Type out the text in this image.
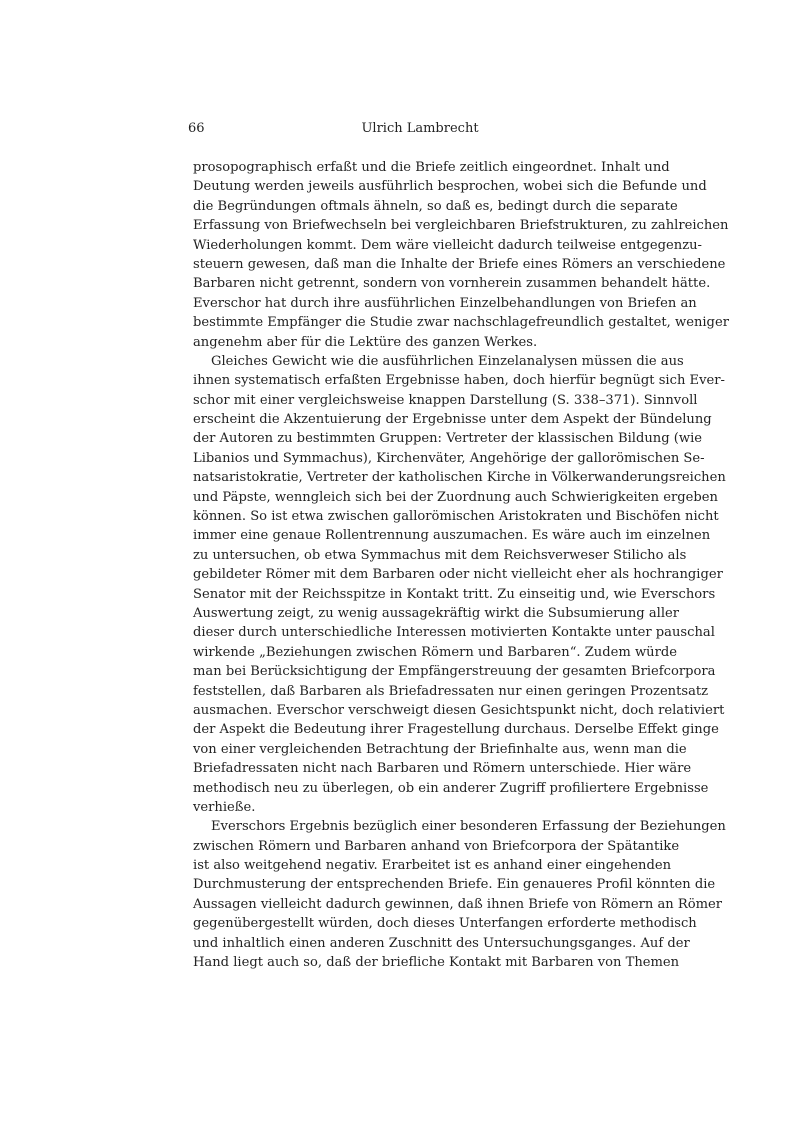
66	Ulrich Lambrecht
prosopographisch erfaßt und die Briefe zeitlich eingeordnet. Inhalt und
Deutung werden jeweils ausführlich besprochen, wobei sich die Befunde und
die Begründungen oftmals ähneln, so daß es, bedingt durch die separate
Erfassung von Briefwechseln bei vergleichbaren Briefstrukturen, zu zahlreichen
Wiederholungen kommt. Dem wäre vielleicht dadurch teilweise entgegenzu-
steuern gewesen, daß man die Inhalte der Briefe eines Römers an verschiedene
Barbaren nicht getrennt, sondern von vornherein zusammen behandelt hätte.
Everschor hat durch ihre ausführlichen Einzelbehandlungen von Briefen an
bestimmte Empfänger die Studie zwar nachschlagefreundlich gestaltet, weniger
angenehm aber für die Lektüre des ganzen Werkes.
Gleiches Gewicht wie die ausführlichen Einzelanalysen müssen die aus
ihnen systematisch erfaßten Ergebnisse haben, doch hierfür begnügt sich Ever-
schor mit einer vergleichsweise knappen Darstellung (S. 338–371). Sinnvoll
erscheint die Akzentuierung der Ergebnisse unter dem Aspekt der Bündelung
der Autoren zu bestimmten Gruppen: Vertreter der klassischen Bildung (wie
Libanios und Symmachus), Kirchenväter, Angehörige der gallorömischen Se-
natsaristokratie, Vertreter der katholischen Kirche in Völkerwanderungsreichen
und Päpste, wenngleich sich bei der Zuordnung auch Schwierigkeiten ergeben
können. So ist etwa zwischen gallorömischen Aristokraten und Bischöfen nicht
immer eine genaue Rollentrennung auszumachen. Es wäre auch im einzelnen
zu untersuchen, ob etwa Symmachus mit dem Reichsverweser Stilicho als
gebildeter Römer mit dem Barbaren oder nicht vielleicht eher als hochrangiger
Senator mit der Reichsspitze in Kontakt tritt. Zu einseitig und, wie Everschors
Auswertung zeigt, zu wenig aussagekräftig wirkt die Subsumierung aller
dieser durch unterschiedliche Interessen motivierten Kontakte unter pauschal
wirkende „Beziehungen zwischen Römern und Barbaren“. Zudem würde
man bei Berücksichtigung der Empfängerstreuung der gesamten Briefcorpora
feststellen, daß Barbaren als Briefadressaten nur einen geringen Prozentsatz
ausmachen. Everschor verschweigt diesen Gesichtspunkt nicht, doch relativiert
der Aspekt die Bedeutung ihrer Fragestellung durchaus. Derselbe Effekt ginge
von einer vergleichenden Betrachtung der Briefinhalte aus, wenn man die
Briefadressaten nicht nach Barbaren und Römern unterschiede. Hier wäre
methodisch neu zu überlegen, ob ein anderer Zugriff profiliertere Ergebnisse
verhieße.
Everschors Ergebnis bezüglich einer besonderen Erfassung der Beziehungen
zwischen Römern und Barbaren anhand von Briefcorpora der Spätantike
ist also weitgehend negativ. Erarbeitet ist es anhand einer eingehenden
Durchmusterung der entsprechenden Briefe. Ein genaueres Profil könnten die
Aussagen vielleicht dadurch gewinnen, daß ihnen Briefe von Römern an Römer
gegenübergestellt würden, doch dieses Unterfangen erforderte methodisch
und inhaltlich einen anderen Zuschnitt des Untersuchungsganges. Auf der
Hand liegt auch so, daß der briefliche Kontakt mit Barbaren von Themen
